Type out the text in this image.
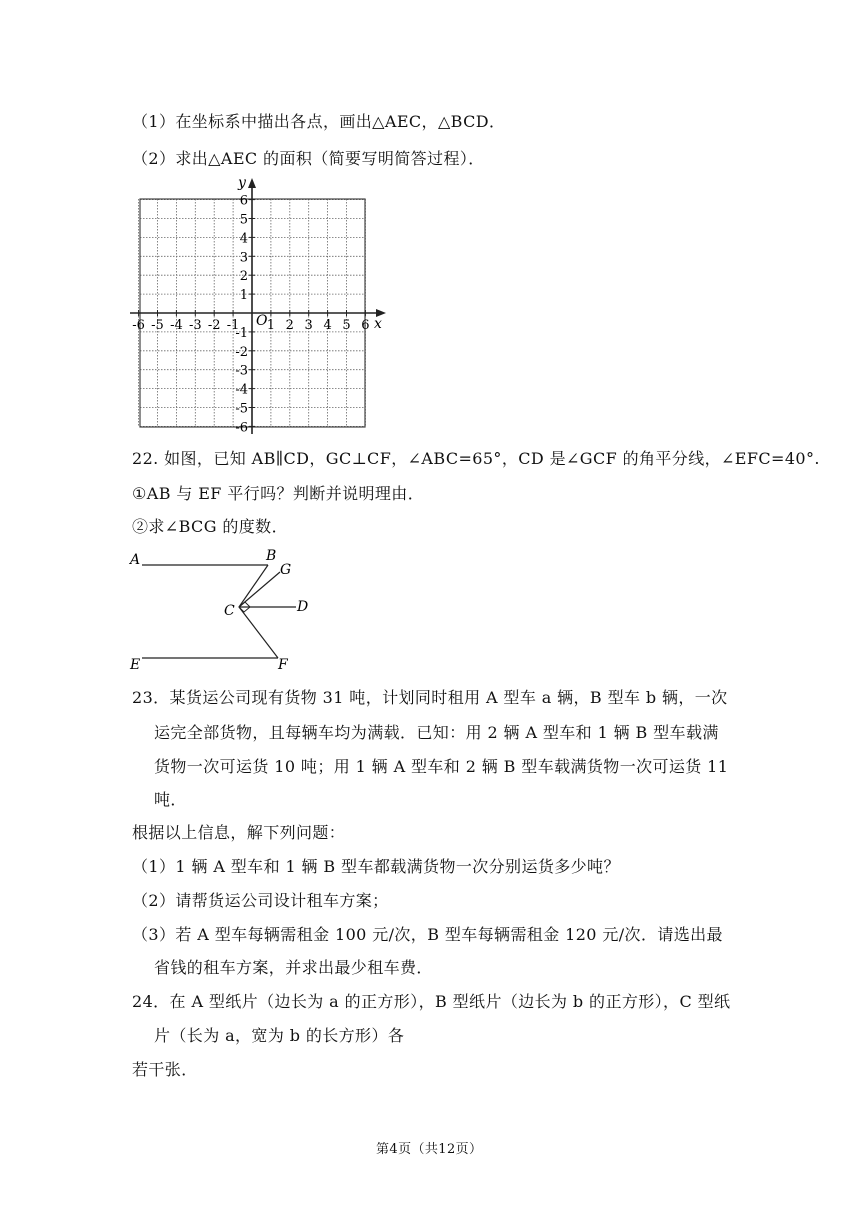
（1）在坐标系中描出各点，画出△AEC，△BCD．
（2）求出△AEC 的面积（简要写明简答过程）．
-6 -5 -4 -3 -2 -1 1 2 3 4 5 6
6
5
4
3
2
1
-1
-2
-3
-4
-5
-6
x
y
O
22. 如图，已知 AB∥CD，GC⊥CF，∠ABC=65°，CD 是∠GCF 的角平分线，∠EFC=40°.
①AB 与 EF 平行吗？判断并说明理由．
②求∠BCG 的度数．
A	B
G
C	D
E	F
23．某货运公司现有货物 31 吨，计划同时租用 A 型车 a 辆，B 型车 b 辆，一次
运完全部货物，且每辆车均为满载．已知：用 2 辆 A 型车和 1 辆 B 型车载满
货物一次可运货 10 吨；用 1 辆 A 型车和 2 辆 B 型车载满货物一次可运货 11
吨．
根据以上信息，解下列问题：
（1）1 辆 A 型车和 1 辆 B 型车都载满货物一次分别运货多少吨？
（2）请帮货运公司设计租车方案；
（3）若 A 型车每辆需租金 100 元/次，B 型车每辆需租金 120 元/次．请选出最
省钱的租车方案，并求出最少租车费．
24．在 A 型纸片（边长为 a 的正方形），B 型纸片（边长为 b 的正方形），C 型纸
片（长为 a，宽为 b 的长方形）各
若干张．
第4页（共12页）
